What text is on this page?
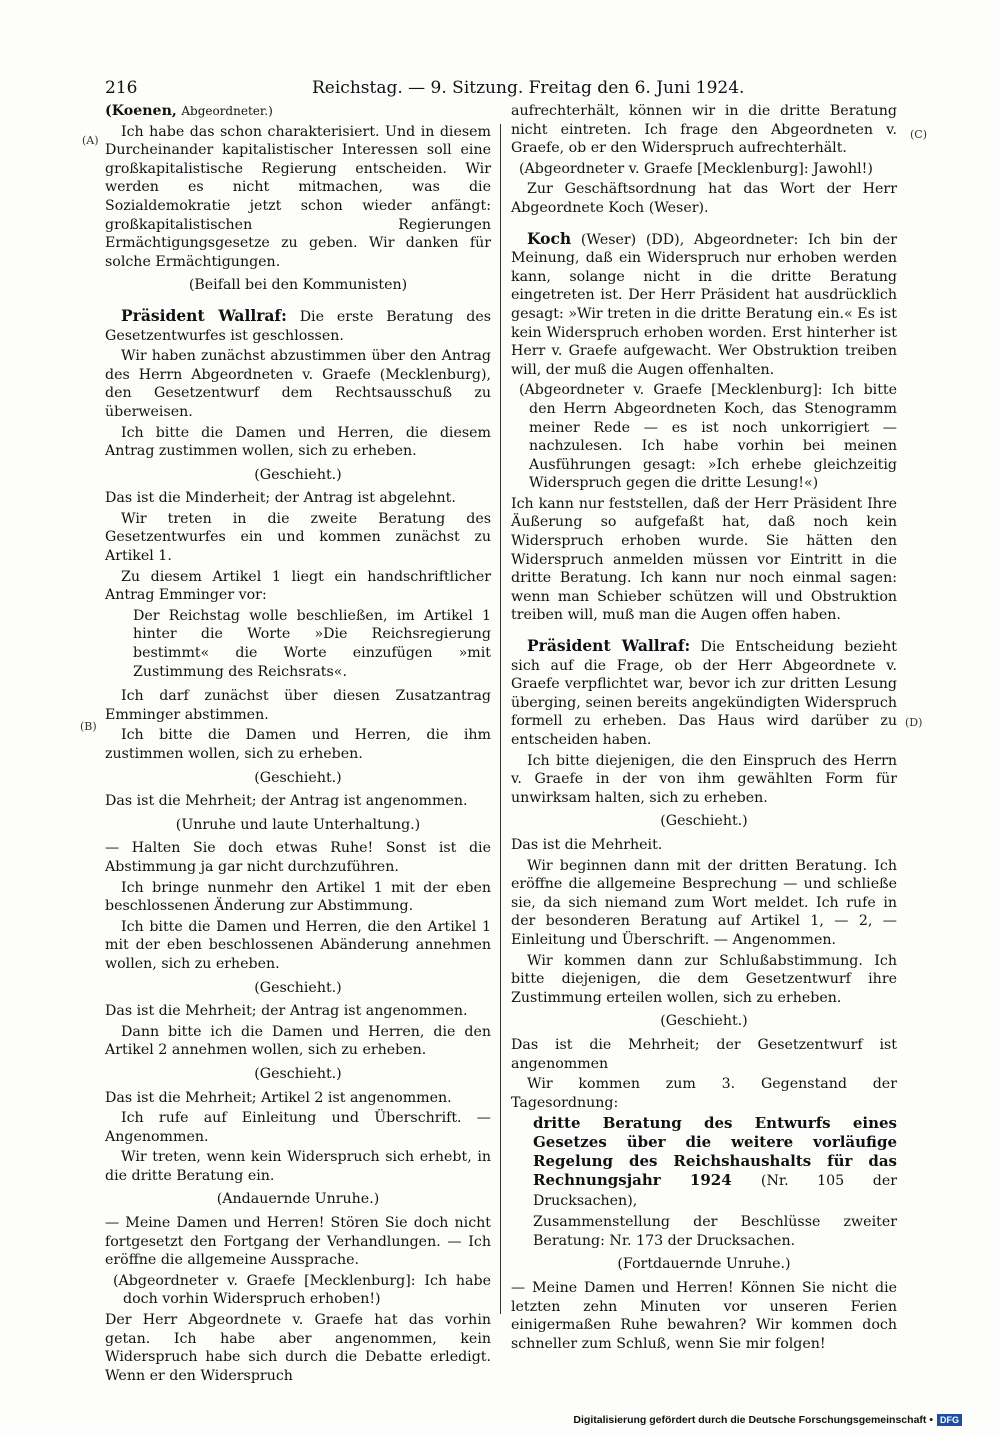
216	Reichstag. — 9. Sitzung. Freitag den 6. Juni 1924.
(A)
(B)
(C)
(D)

(Koenen, Abgeordneter.)

Ich habe das schon charakterisiert. Und in diesem Durcheinander kapitalistischer Interessen soll eine großkapitalistische Regierung entscheiden. Wir werden es nicht mitmachen, was die Sozialdemokratie jetzt schon wieder anfängt: großkapitalistischen Regierungen Ermächtigungsgesetze zu geben. Wir danken für solche Ermächtigungen.

(Beifall bei den Kommunisten)

Präsident Wallraf: Die erste Beratung des Gesetzentwurfes ist geschlossen.

Wir haben zunächst abzustimmen über den Antrag des Herrn Abgeordneten v. Graefe (Mecklenburg), den Gesetzentwurf dem Rechtsausschuß zu überweisen.

Ich bitte die Damen und Herren, die diesem Antrag zustimmen wollen, sich zu erheben.

(Geschieht.)

Das ist die Minderheit; der Antrag ist abgelehnt.

Wir treten in die zweite Beratung des Gesetzentwurfes ein und kommen zunächst zu Artikel 1.

Zu diesem Artikel 1 liegt ein handschriftlicher Antrag Emminger vor:

Der Reichstag wolle beschließen, im Artikel 1 hinter die Worte »Die Reichsregierung bestimmt« die Worte einzufügen »mit Zustimmung des Reichsrats«.

Ich darf zunächst über diesen Zusatzantrag Emminger abstimmen.

Ich bitte die Damen und Herren, die ihm zustimmen wollen, sich zu erheben.

(Geschieht.)

Das ist die Mehrheit; der Antrag ist angenommen.

(Unruhe und laute Unterhaltung.)

— Halten Sie doch etwas Ruhe! Sonst ist die Abstimmung ja gar nicht durchzuführen.

Ich bringe nunmehr den Artikel 1 mit der eben beschlossenen Änderung zur Abstimmung.

Ich bitte die Damen und Herren, die den Artikel 1 mit der eben beschlossenen Abänderung annehmen wollen, sich zu erheben.

(Geschieht.)

Das ist die Mehrheit; der Antrag ist angenommen.

Dann bitte ich die Damen und Herren, die den Artikel 2 annehmen wollen, sich zu erheben.

(Geschieht.)

Das ist die Mehrheit; Artikel 2 ist angenommen.

Ich rufe auf Einleitung und Überschrift. — Angenommen.

Wir treten, wenn kein Widerspruch sich erhebt, in die dritte Beratung ein.

(Andauernde Unruhe.)

— Meine Damen und Herren! Stören Sie doch nicht fortgesetzt den Fortgang der Verhandlungen. — Ich eröffne die allgemeine Aussprache.

(Abgeordneter v. Graefe [Mecklenburg]: Ich habe doch vorhin Widerspruch erhoben!)

Der Herr Abgeordnete v. Graefe hat das vorhin getan. Ich habe aber angenommen, kein Widerspruch habe sich durch die Debatte erledigt. Wenn er den Widerspruch

aufrechterhält, können wir in die dritte Beratung nicht eintreten. Ich frage den Abgeordneten v. Graefe, ob er den Widerspruch aufrechterhält.

(Abgeordneter v. Graefe [Mecklenburg]: Jawohl!)

Zur Geschäftsordnung hat das Wort der Herr Abgeordnete Koch (Weser).

Koch (Weser) (DD), Abgeordneter: Ich bin der Meinung, daß ein Widerspruch nur erhoben werden kann, solange nicht in die dritte Beratung eingetreten ist. Der Herr Präsident hat ausdrücklich gesagt: »Wir treten in die dritte Beratung ein.« Es ist kein Widerspruch erhoben worden. Erst hinterher ist Herr v. Graefe aufgewacht. Wer Obstruktion treiben will, der muß die Augen offenhalten.

(Abgeordneter v. Graefe [Mecklenburg]: Ich bitte den Herrn Abgeordneten Koch, das Stenogramm meiner Rede — es ist noch unkorrigiert — nachzulesen. Ich habe vorhin bei meinen Ausführungen gesagt: »Ich erhebe gleichzeitig Widerspruch gegen die dritte Lesung!«)

Ich kann nur feststellen, daß der Herr Präsident Ihre Äußerung so aufgefaßt hat, daß noch kein Widerspruch erhoben wurde. Sie hätten den Widerspruch anmelden müssen vor Eintritt in die dritte Beratung. Ich kann nur noch einmal sagen: wenn man Schieber schützen will und Obstruktion treiben will, muß man die Augen offen haben.

Präsident Wallraf: Die Entscheidung bezieht sich auf die Frage, ob der Herr Abgeordnete v. Graefe verpflichtet war, bevor ich zur dritten Lesung überging, seinen bereits angekündigten Widerspruch formell zu erheben. Das Haus wird darüber zu entscheiden haben.

Ich bitte diejenigen, die den Einspruch des Herrn v. Graefe in der von ihm gewählten Form für unwirksam halten, sich zu erheben.

(Geschieht.)

Das ist die Mehrheit.

Wir beginnen dann mit der dritten Beratung. Ich eröffne die allgemeine Besprechung — und schließe sie, da sich niemand zum Wort meldet. Ich rufe in der besonderen Beratung auf Artikel 1, — 2, — Einleitung und Überschrift. — Angenommen.

Wir kommen dann zur Schlußabstimmung. Ich bitte diejenigen, die dem Gesetzentwurf ihre Zustimmung erteilen wollen, sich zu erheben.

(Geschieht.)

Das ist die Mehrheit; der Gesetzentwurf ist angenommen

Wir kommen zum 3. Gegenstand der Tagesordnung:

dritte Beratung des Entwurfs eines Gesetzes über die weitere vorläufige Regelung des Reichshaushalts für das Rechnungsjahr 1924 (Nr. 105 der Drucksachen),

Zusammenstellung der Beschlüsse zweiter Beratung: Nr. 173 der Drucksachen.

(Fortdauernde Unruhe.)

— Meine Damen und Herren! Können Sie nicht die letzten zehn Minuten vor unseren Ferien einigermaßen Ruhe bewahren? Wir kommen doch schneller zum Schluß, wenn Sie mir folgen!

Digitalisierung gefördert durch die Deutsche Forschungsgemeinschaft • DFG
